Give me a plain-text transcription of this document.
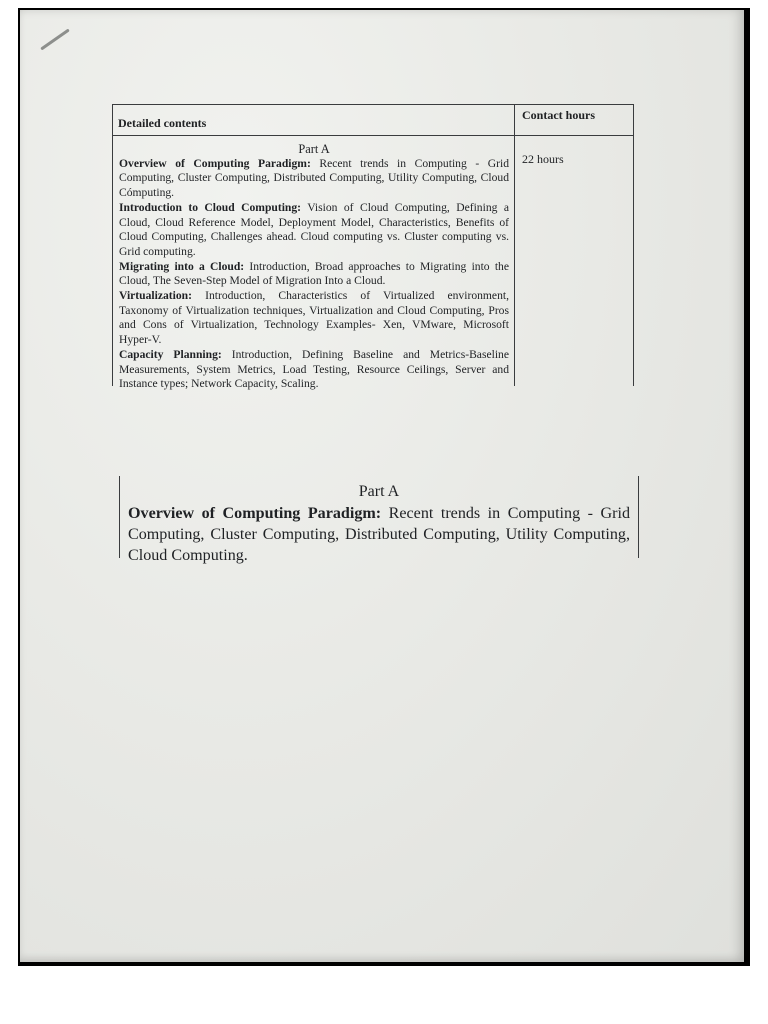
Detailed contents
Contact hours
22 hours
Part A
Overview of Computing Paradigm: Recent trends in Computing - Grid Computing, Cluster Computing, Distributed Computing, Utility Computing, Cloud Cómputing.
Introduction to Cloud Computing: Vision of Cloud Computing, Defining a Cloud, Cloud Reference Model, Deployment Model, Characteristics, Benefits of Cloud Computing, Challenges ahead. Cloud computing vs. Cluster computing vs. Grid computing.
Migrating into a Cloud: Introduction, Broad approaches to Migrating into the Cloud, The Seven-Step Model of Migration Into a Cloud.
Virtualization: Introduction, Characteristics of Virtualized environment, Taxonomy of Virtualization techniques, Virtualization and Cloud Computing, Pros and Cons of Virtualization, Technology Examples- Xen, VMware, Microsoft Hyper-V.
Capacity Planning: Introduction, Defining Baseline and Metrics-Baseline Measurements, System Metrics, Load Testing, Resource Ceilings, Server and Instance types; Network Capacity, Scaling.
Part A
Overview of Computing Paradigm: Recent trends in Computing - Grid Computing, Cluster Computing, Distributed Computing, Utility Computing, Cloud Computing.
